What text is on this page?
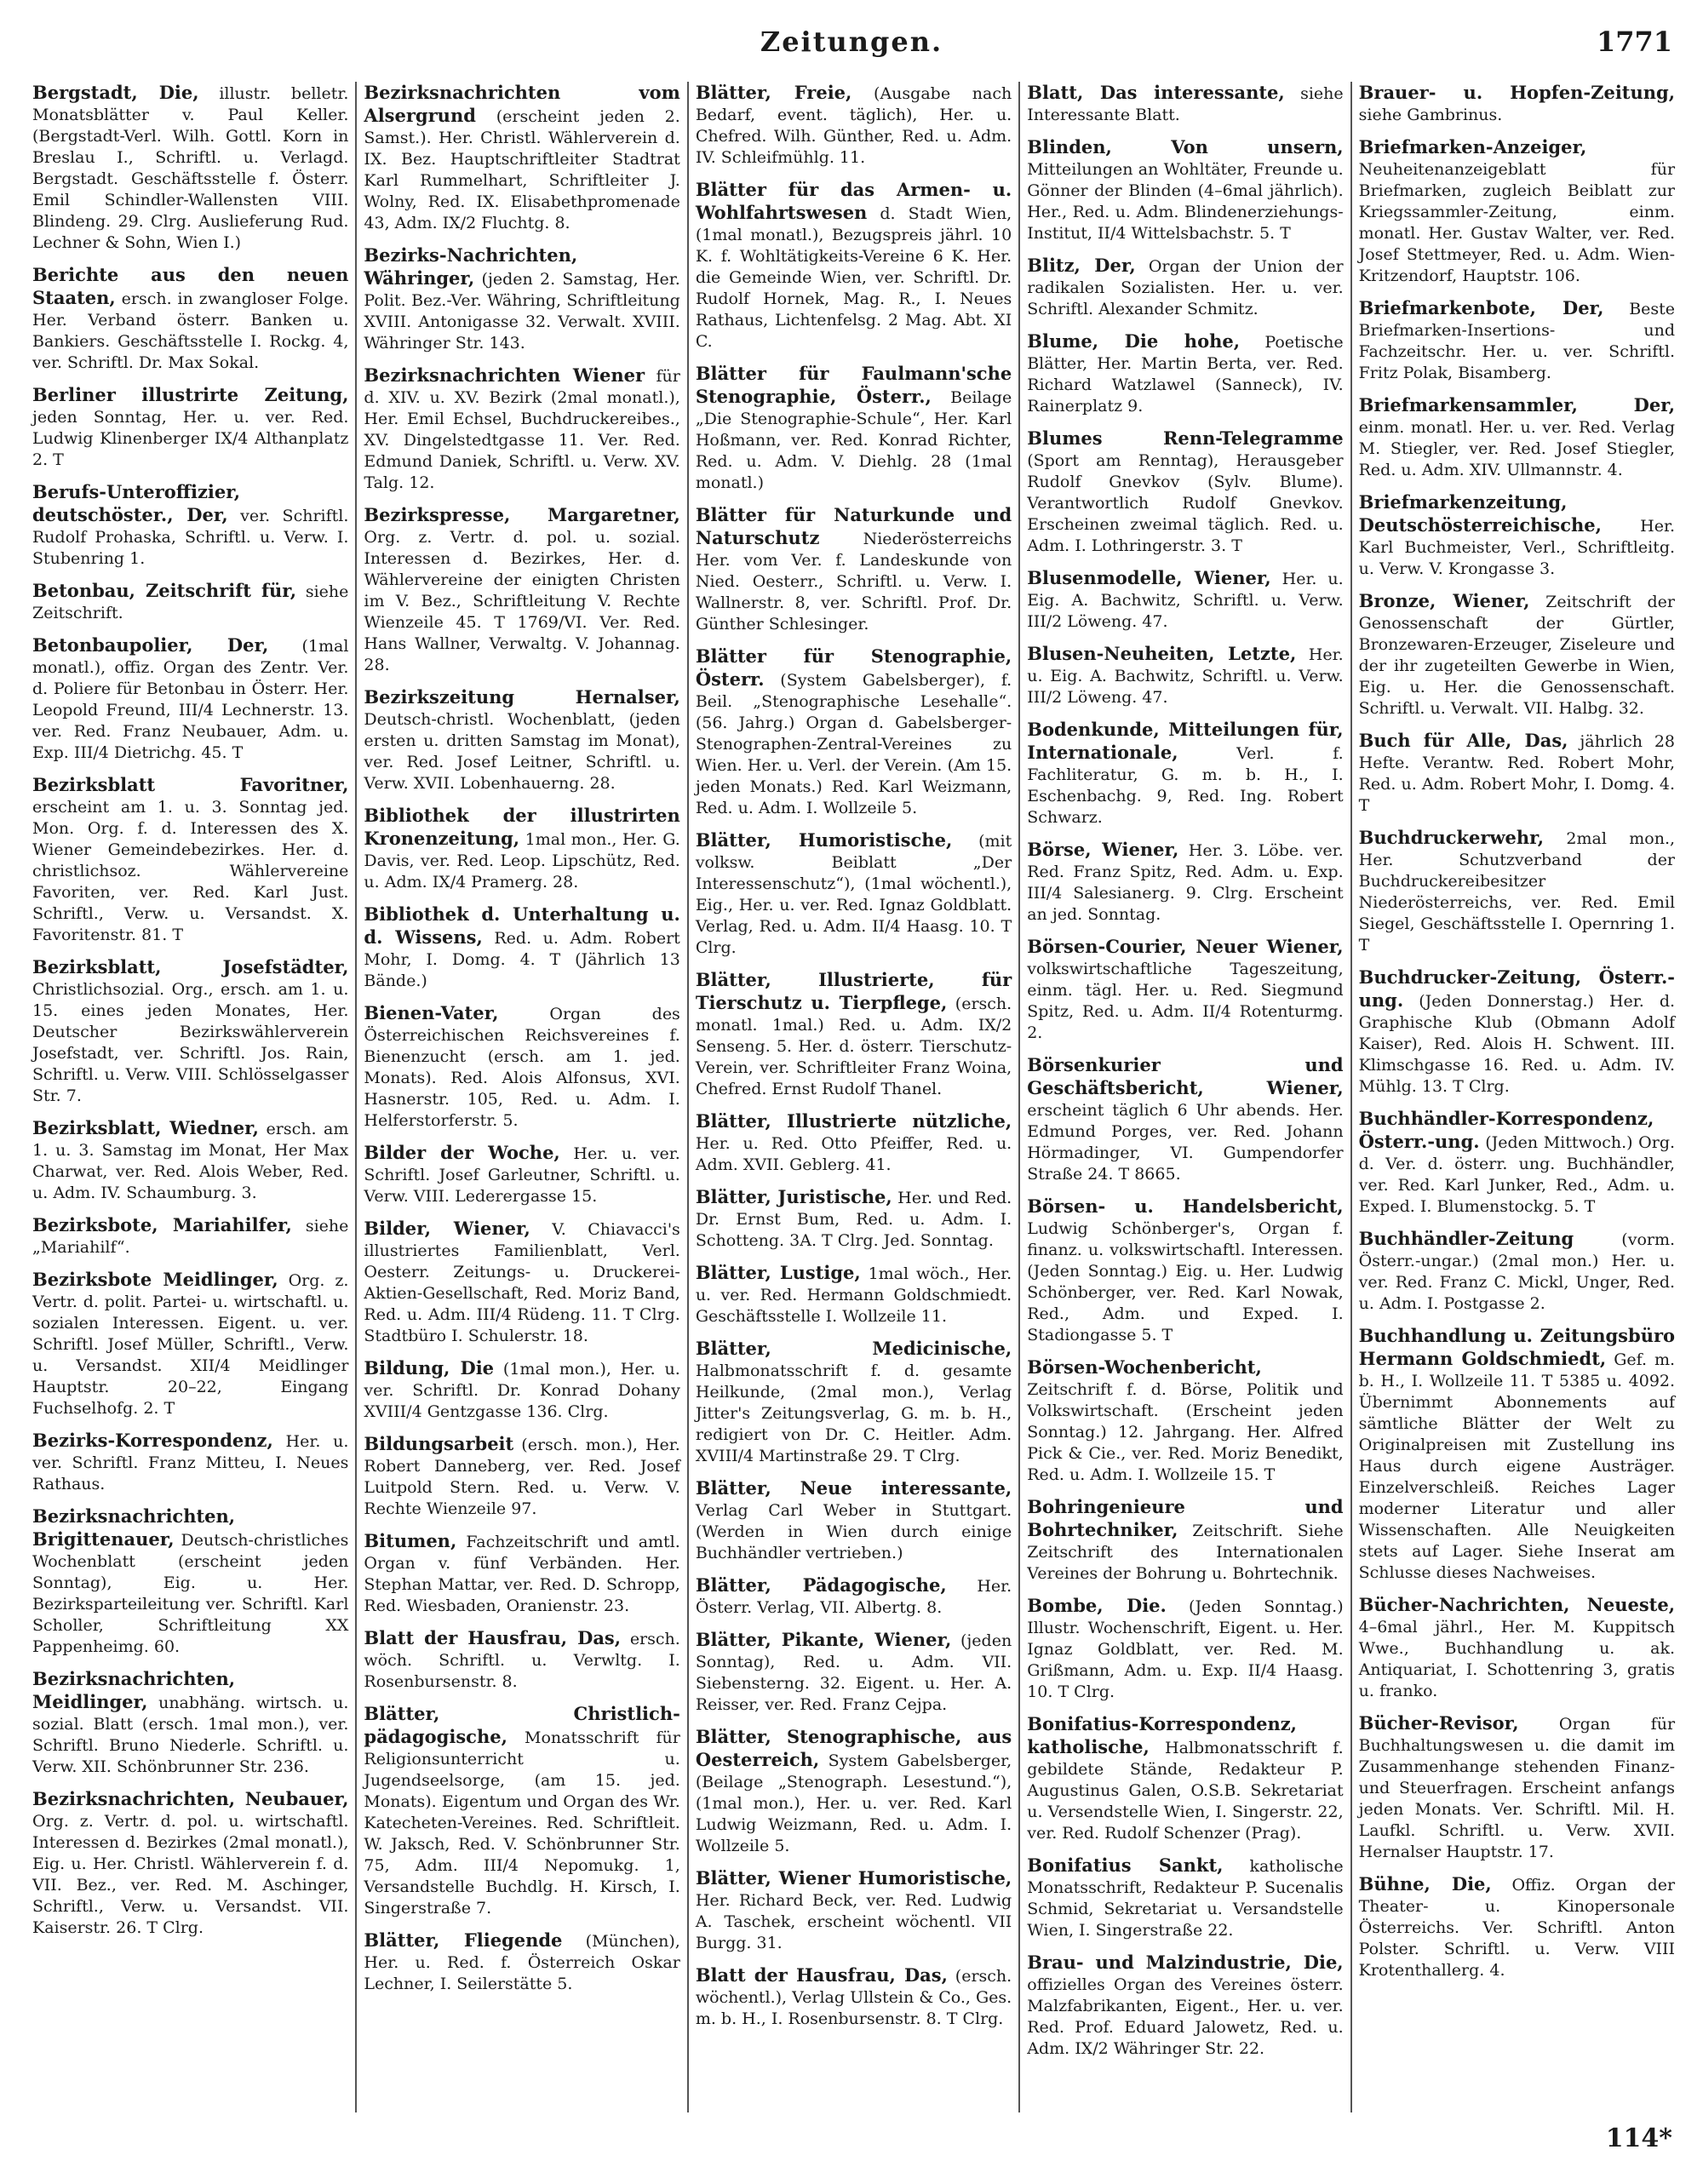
Zeitungen.	1771
Bergstadt, Die, illustr. belletr. Monatsblätter v. Paul Keller. (Bergstadt-Verl. Wilh. Gottl. Korn in Breslau I., Schriftl. u. Verlagd. Bergstadt. Geschäftsstelle f. Österr. Emil Schindler-Wallensten VIII. Blindeng. 29. Clrg. Auslieferung Rud. Lechner & Sohn, Wien I.)
Berichte aus den neuen Staaten, ersch. in zwangloser Folge. Her. Verband österr. Banken u. Bankiers. Geschäftsstelle I. Rockg. 4, ver. Schriftl. Dr. Max Sokal.
Berliner illustrirte Zeitung, jeden Sonntag, Her. u. ver. Red. Ludwig Klinenberger IX/4 Althanplatz 2. T
Berufs-Unteroffizier, deutschöster., Der, ver. Schriftl. Rudolf Prohaska, Schriftl. u. Verw. I. Stubenring 1.
Betonbau, Zeitschrift für, siehe Zeitschrift.
Betonbaupolier, Der, (1mal monatl.), offiz. Organ des Zentr. Ver. d. Poliere für Betonbau in Österr. Her. Leopold Freund, III/4 Lechnerstr. 13. ver. Red. Franz Neubauer, Adm. u. Exp. III/4 Dietrichg. 45. T
Bezirksblatt Favoritner, erscheint am 1. u. 3. Sonntag jed. Mon. Org. f. d. Interessen des X. Wiener Gemeindebezirkes. Her. d. christlichsoz. Wählervereine Favoriten, ver. Red. Karl Just. Schriftl., Verw. u. Versandst. X. Favoritenstr. 81. T
Bezirksblatt, Josefstädter, Christlichsozial. Org., ersch. am 1. u. 15. eines jeden Monates, Her. Deutscher Bezirkswählerverein Josefstadt, ver. Schriftl. Jos. Rain, Schriftl. u. Verw. VIII. Schlösselgasser Str. 7.
Bezirksblatt, Wiedner, ersch. am 1. u. 3. Samstag im Monat, Her Max Charwat, ver. Red. Alois Weber, Red. u. Adm. IV. Schaumburg. 3.
Bezirksbote, Mariahilfer, siehe „Mariahilf“.
Bezirksbote Meidlinger, Org. z. Vertr. d. polit. Partei- u. wirtschaftl. u. sozialen Interessen. Eigent. u. ver. Schriftl. Josef Müller, Schriftl., Verw. u. Versandst. XII/4 Meidlinger Hauptstr. 20–22, Eingang Fuchselhofg. 2. T
Bezirks-Korrespondenz, Her. u. ver. Schriftl. Franz Mitteu, I. Neues Rathaus.
Bezirksnachrichten, Brigittenauer, Deutsch-christliches Wochenblatt (erscheint jeden Sonntag), Eig. u. Her. Bezirksparteileitung ver. Schriftl. Karl Scholler, Schriftleitung XX Pappenheimg. 60.
Bezirksnachrichten, Meidlinger, unabhäng. wirtsch. u. sozial. Blatt (ersch. 1mal mon.), ver. Schriftl. Bruno Niederle. Schriftl. u. Verw. XII. Schönbrunner Str. 236.
Bezirksnachrichten, Neubauer, Org. z. Vertr. d. pol. u. wirtschaftl. Interessen d. Bezirkes (2mal monatl.), Eig. u. Her. Christl. Wählerverein f. d. VII. Bez., ver. Red. M. Aschinger, Schriftl., Verw. u. Versandst. VII. Kaiserstr. 26. T Clrg.
Bezirksnachrichten vom Alsergrund (erscheint jeden 2. Samst.). Her. Christl. Wählerverein d. IX. Bez. Hauptschriftleiter Stadtrat Karl Rummelhart, Schriftleiter J. Wolny, Red. IX. Elisabethpromenade 43, Adm. IX/2 Fluchtg. 8.
Bezirks-Nachrichten, Währinger, (jeden 2. Samstag, Her. Polit. Bez.-Ver. Währing, Schriftleitung XVIII. Antonigasse 32. Verwalt. XVIII. Währinger Str. 143.
Bezirksnachrichten Wiener für d. XIV. u. XV. Bezirk (2mal monatl.), Her. Emil Echsel, Buchdruckereibes., XV. Dingelstedtgasse 11. Ver. Red. Edmund Daniek, Schriftl. u. Verw. XV. Talg. 12.
Bezirkspresse, Margaretner, Org. z. Vertr. d. pol. u. sozial. Interessen d. Bezirkes, Her. d. Wählervereine der einigten Christen im V. Bez., Schriftleitung V. Rechte Wienzeile 45. T 1769/VI. Ver. Red. Hans Wallner, Verwaltg. V. Johannag. 28.
Bezirkszeitung Hernalser, Deutsch-christl. Wochenblatt, (jeden ersten u. dritten Samstag im Monat), ver. Red. Josef Leitner, Schriftl. u. Verw. XVII. Lobenhauerng. 28.
Bibliothek der illustrirten Kronenzeitung, 1mal mon., Her. G. Davis, ver. Red. Leop. Lipschütz, Red. u. Adm. IX/4 Pramerg. 28.
Bibliothek d. Unterhaltung u. d. Wissens, Red. u. Adm. Robert Mohr, I. Domg. 4. T (Jährlich 13 Bände.)
Bienen-Vater,	Organ des Österreichischen Reichsvereines f. Bienenzucht (ersch. am 1. jed. Monats). Red. Alois Alfonsus, XVI. Hasnerstr. 105, Red. u. Adm. I. Helferstorferstr. 5.
Bilder der Woche, Her. u. ver. Schriftl. Josef Garleutner, Schriftl. u. Verw. VIII. Lederergasse 15.
Bilder, Wiener, V. Chiavacci's illustriertes Familienblatt, Verl. Oesterr. Zeitungs- u. Druckerei-Aktien-Gesellschaft, Red. Moriz Band, Red. u. Adm. III/4 Rüdeng. 11. T Clrg. Stadtbüro I. Schulerstr. 18.
Bildung, Die (1mal mon.), Her. u. ver. Schriftl. Dr. Konrad Dohany XVIII/4 Gentzgasse 136. Clrg.
Bildungsarbeit (ersch. mon.), Her. Robert Danneberg, ver. Red. Josef Luitpold Stern. Red. u. Verw. V. Rechte Wienzeile 97.
Bitumen, Fachzeitschrift und amtl. Organ v. fünf Verbänden. Her. Stephan Mattar, ver. Red. D. Schropp, Red. Wiesbaden, Oranienstr. 23.
Blatt der Hausfrau, Das, ersch. wöch. Schriftl. u. Verwltg. I. Rosenbursenstr. 8.
Blätter, Christlich-pädagogische, Monatsschrift für Religionsunterricht u. Jugendseelsorge, (am 15. jed. Monats). Eigentum und Organ des Wr. Katecheten-Vereines. Red. Schriftleit. W. Jaksch, Red. V. Schönbrunner Str. 75, Adm. III/4 Nepomukg. 1, Versandstelle Buchdlg. H. Kirsch, I. Singerstraße 7.
Blätter, Fliegende (München), Her. u. Red. f. Österreich Oskar Lechner, I. Seilerstätte 5.
Blätter, Freie, (Ausgabe nach Bedarf, event. täglich), Her. u. Chefred. Wilh. Günther, Red. u. Adm. IV. Schleifmühlg. 11.
Blätter für das Armen- u. Wohlfahrtswesen d. Stadt Wien, (1mal monatl.), Bezugspreis jährl. 10 K. f. Wohltätigkeits-Vereine 6 K. Her. die Gemeinde Wien, ver. Schriftl. Dr. Rudolf Hornek, Mag. R., I. Neues Rathaus, Lichtenfelsg. 2 Mag. Abt. XI C.
Blätter für Faulmann'sche Stenographie, Österr., Beilage „Die Stenographie-Schule“, Her. Karl Hoßmann, ver. Red. Konrad Richter, Red. u. Adm. V. Diehlg. 28 (1mal monatl.)
Blätter für Naturkunde und Naturschutz	Niederösterreichs Her. vom Ver. f. Landeskunde von Nied. Oesterr., Schriftl. u. Verw. I. Wallnerstr. 8, ver. Schriftl. Prof. Dr. Günther Schlesinger.
Blätter für Stenographie, Österr. (System Gabelsberger), f. Beil. „Stenographische Lesehalle“. (56. Jahrg.) Organ d. Gabelsberger-Stenographen-Zentral-Vereines zu Wien. Her. u. Verl. der Verein. (Am 15. jeden Monats.) Red. Karl Weizmann, Red. u. Adm. I. Wollzeile 5.
Blätter, Humoristische, (mit volksw. Beiblatt „Der Interessenschutz“), (1mal wöchentl.), Eig., Her. u. ver. Red. Ignaz Goldblatt. Verlag, Red. u. Adm. II/4 Haasg. 10. T Clrg.
Blätter, Illustrierte, für Tierschutz u. Tierpflege, (ersch. monatl. 1mal.) Red. u. Adm. IX/2 Senseng. 5. Her. d. österr. Tierschutz-Verein, ver. Schriftleiter Franz Woina, Chefred. Ernst Rudolf Thanel.
Blätter, Illustrierte nützliche, Her. u. Red. Otto Pfeiffer, Red. u. Adm. XVII. Geblerg. 41.
Blätter, Juristische, Her. und Red. Dr. Ernst Bum, Red. u. Adm. I. Schotteng. 3A. T Clrg. Jed. Sonntag.
Blätter, Lustige, 1mal wöch., Her. u. ver. Red. Hermann Goldschmiedt. Geschäftsstelle I. Wollzeile 11.
Blätter, Medicinische, Halbmonatsschrift f. d. gesamte Heilkunde, (2mal mon.), Verlag Jitter's Zeitungsverlag, G. m. b. H., redigiert von Dr. C. Heitler. Adm. XVIII/4 Martinstraße 29. T Clrg.
Blätter, Neue interessante, Verlag Carl Weber in Stuttgart. (Werden in Wien durch einige Buchhändler vertrieben.)
Blätter, Pädagogische, Her. Österr. Verlag, VII. Albertg. 8.
Blätter, Pikante, Wiener, (jeden Sonntag), Red. u. Adm. VII. Siebensterng. 32. Eigent. u. Her. A. Reisser, ver. Red. Franz Cejpa.
Blätter, Stenographische, aus Oesterreich, System Gabelsberger, (Beilage „Stenograph. Lesestund.“), (1mal mon.), Her. u. ver. Red. Karl Ludwig Weizmann, Red. u. Adm. I. Wollzeile 5.
Blätter, Wiener Humoristische, Her. Richard Beck, ver. Red. Ludwig A. Taschek, erscheint wöchentl. VII Burgg. 31.
Blatt der Hausfrau, Das, (ersch. wöchentl.), Verlag Ullstein & Co., Ges. m. b. H., I. Rosenbursenstr. 8. T Clrg.
Blatt, Das interessante, siehe Interessante Blatt.
Blinden, Von unsern, Mitteilungen an Wohltäter, Freunde u. Gönner der Blinden (4–6mal jährlich). Her., Red. u. Adm. Blindenerziehungs-Institut, II/4 Wittelsbachstr. 5. T
Blitz, Der, Organ der Union der radikalen Sozialisten. Her. u. ver. Schriftl. Alexander Schmitz.
Blume, Die hohe, Poetische Blätter, Her. Martin Berta, ver. Red. Richard Watzlawel (Sanneck), IV. Rainerplatz 9.
Blumes Renn-Telegramme (Sport am Renntag), Herausgeber Rudolf Gnevkov (Sylv. Blume). Verantwortlich Rudolf Gnevkov. Erscheinen zweimal täglich. Red. u. Adm. I. Lothringerstr. 3. T
Blusenmodelle, Wiener, Her. u. Eig. A. Bachwitz, Schriftl. u. Verw. III/2 Löweng. 47.
Blusen-Neuheiten, Letzte, Her. u. Eig. A. Bachwitz, Schriftl. u. Verw. III/2 Löweng. 47.
Bodenkunde, Mitteilungen für, Internationale,	Verl. f. Fachliteratur, G. m. b. H., I. Eschenbachg. 9, Red. Ing. Robert Schwarz.
Börse, Wiener, Her. 3. Löbe. ver. Red. Franz Spitz, Red. Adm. u. Exp. III/4 Salesianerg. 9. Clrg. Erscheint an jed. Sonntag.
Börsen-Courier, Neuer Wiener, volkswirtschaftliche Tageszeitung, einm. tägl. Her. u. Red. Siegmund Spitz, Red. u. Adm. II/4 Rotenturmg. 2.
Börsenkurier und Geschäftsbericht, Wiener, erscheint täglich 6 Uhr abends. Her. Edmund Porges, ver. Red. Johann Hörmadinger, VI. Gumpendorfer Straße 24. T 8665.
Börsen- u. Handelsbericht, Ludwig Schönberger's, Organ f. finanz. u. volkswirtschaftl. Interessen. (Jeden Sonntag.) Eig. u. Her. Ludwig Schönberger, ver. Red. Karl Nowak, Red., Adm. und Exped. I. Stadiongasse 5. T
Börsen-Wochenbericht, Zeitschrift f. d. Börse, Politik und Volkswirtschaft. (Erscheint jeden Sonntag.) 12. Jahrgang. Her. Alfred Pick & Cie., ver. Red. Moriz Benedikt, Red. u. Adm. I. Wollzeile 15. T
Bohringenieure und Bohrtechniker, Zeitschrift. Siehe Zeitschrift des Internationalen Vereines der Bohrung u. Bohrtechnik.
Bombe, Die. (Jeden Sonntag.) Illustr. Wochenschrift, Eigent. u. Her. Ignaz Goldblatt, ver. Red. M. Grißmann, Adm. u. Exp. II/4 Haasg. 10. T Clrg.
Bonifatius-Korrespondenz, katholische, Halbmonatsschrift f. gebildete Stände, Redakteur P. Augustinus Galen, O.S.B. Sekretariat u. Versendstelle Wien, I. Singerstr. 22, ver. Red. Rudolf Schenzer (Prag).
Bonifatius Sankt, katholische Monatsschrift, Redakteur P. Sucenalis Schmid, Sekretariat u. Versandstelle Wien, I. Singerstraße 22.
Brau- und Malzindustrie, Die, offizielles Organ des Vereines österr. Malzfabrikanten, Eigent., Her. u. ver. Red. Prof. Eduard Jalowetz, Red. u. Adm. IX/2 Währinger Str. 22.
Brauer- u. Hopfen-Zeitung, siehe Gambrinus.
Briefmarken-Anzeiger, Neuheitenanzeigeblatt für Briefmarken, zugleich Beiblatt zur Kriegssammler-Zeitung, einm. monatl. Her. Gustav Walter, ver. Red. Josef Stettmeyer, Red. u. Adm. Wien-Kritzendorf, Hauptstr. 106.
Briefmarkenbote, Der, Beste Briefmarken-Insertions- und Fachzeitschr. Her. u. ver. Schriftl. Fritz Polak, Bisamberg.
Briefmarkensammler, Der, einm. monatl. Her. u. ver. Red. Verlag M. Stiegler, ver. Red. Josef Stiegler, Red. u. Adm. XIV. Ullmannstr. 4.
Briefmarkenzeitung, Deutschösterreichische, Her. Karl Buchmeister, Verl., Schriftleitg. u. Verw. V. Krongasse 3.
Bronze, Wiener, Zeitschrift der Genossenschaft der Gürtler, Bronzewaren-Erzeuger, Ziseleure und der ihr zugeteilten Gewerbe in Wien, Eig. u. Her. die Genossenschaft. Schriftl. u. Verwalt. VII. Halbg. 32.
Buch für Alle, Das, jährlich 28 Hefte. Verantw. Red. Robert Mohr, Red. u. Adm. Robert Mohr, I. Domg. 4. T
Buchdruckerwehr, 2mal mon., Her. Schutzverband der Buchdruckereibesitzer Niederösterreichs, ver. Red. Emil Siegel, Geschäftsstelle I. Opernring 1. T
Buchdrucker-Zeitung, Österr.-ung. (Jeden Donnerstag.) Her. d. Graphische Klub (Obmann Adolf Kaiser), Red. Alois H. Schwent. III. Klimschgasse 16. Red. u. Adm. IV. Mühlg. 13. T Clrg.
Buchhändler-Korrespondenz, Österr.-ung. (Jeden Mittwoch.) Org. d. Ver. d. österr. ung. Buchhändler, ver. Red. Karl Junker, Red., Adm. u. Exped. I. Blumenstockg. 5. T
Buchhändler-Zeitung	(vorm. Österr.-ungar.) (2mal mon.) Her. u. ver. Red. Franz C. Mickl, Unger, Red. u. Adm. I. Postgasse 2.
Buchhandlung u. Zeitungsbüro Hermann Goldschmiedt, Gef. m. b. H., I. Wollzeile 11. T 5385 u. 4092. Übernimmt Abonnements auf sämtliche Blätter der Welt zu Originalpreisen mit Zustellung ins Haus durch eigene Austräger. Einzelverschleiß. Reiches Lager moderner Literatur und aller Wissenschaften. Alle Neuigkeiten stets auf Lager. Siehe Inserat am Schlusse dieses Nachweises.
Bücher-Nachrichten, Neueste, 4–6mal jährl., Her. M. Kuppitsch Wwe., Buchhandlung u. ak. Antiquariat, I. Schottenring 3, gratis u. franko.
Bücher-Revisor, Organ für Buchhaltungswesen u. die damit im Zusammenhange stehenden Finanz- und Steuerfragen. Erscheint anfangs jeden Monats. Ver. Schriftl. Mil. H. Laufkl. Schriftl. u. Verw. XVII. Hernalser Hauptstr. 17.
Bühne, Die, Offiz. Organ der Theater- u. Kinopersonale Österreichs. Ver. Schriftl. Anton Polster. Schriftl. u. Verw. VIII Krotenthallerg. 4.
114*
